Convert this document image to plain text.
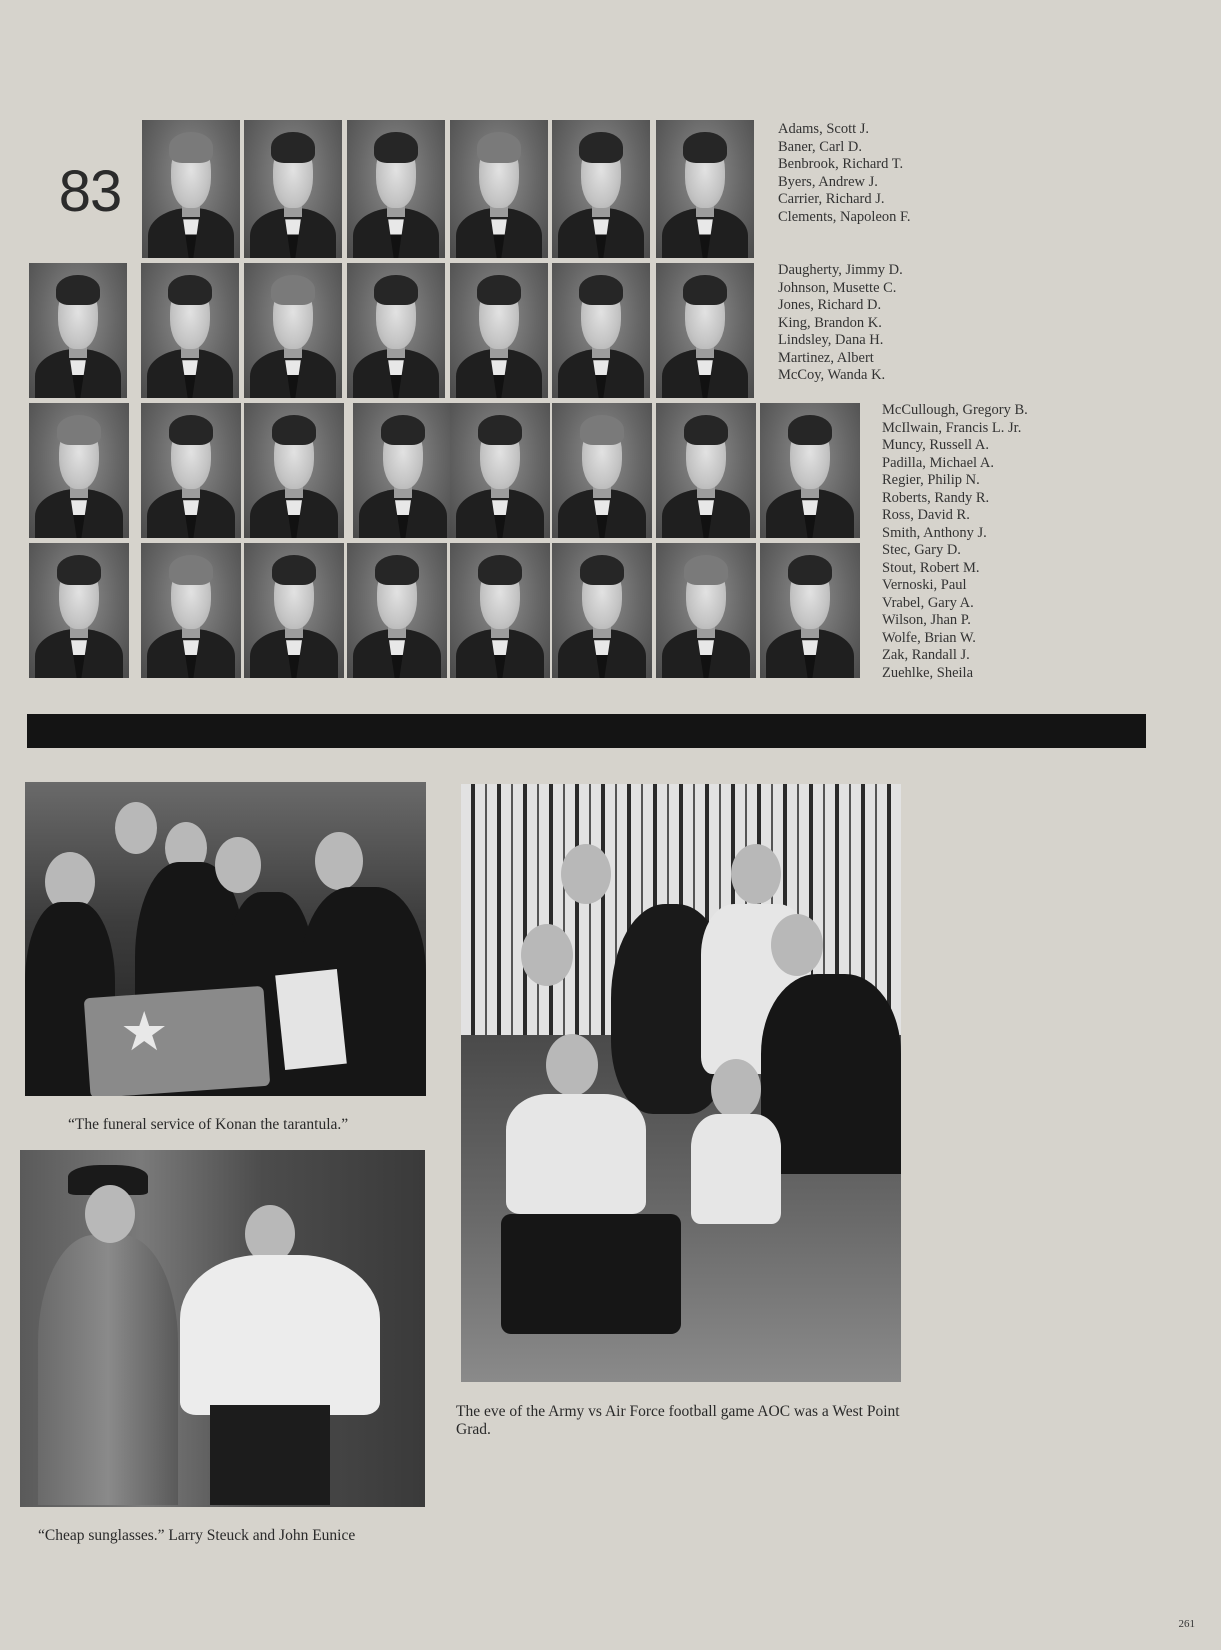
83
Adams, Scott J.
Baner, Carl D.
Benbrook, Richard T.
Byers, Andrew J.
Carrier, Richard J.
Clements, Napoleon F.
Daugherty, Jimmy D.
Johnson, Musette C.
Jones, Richard D.
King, Brandon K.
Lindsley, Dana H.
Martinez, Albert
McCoy, Wanda K.
McCullough, Gregory B.
McIlwain, Francis L. Jr.
Muncy, Russell A.
Padilla, Michael A.
Regier, Philip N.
Roberts, Randy R.
Ross, David R.
Smith, Anthony J.
Stec, Gary D.
Stout, Robert M.
Vernoski, Paul
Vrabel, Gary A.
Wilson, Jhan P.
Wolfe, Brian W.
Zak, Randall J.
Zuehlke, Sheila
★
“The funeral service of Konan the tarantula.”
The eve of the Army vs Air Force football game AOC was a West Point Grad.
“Cheap sunglasses.” Larry Steuck and John Eunice
261
